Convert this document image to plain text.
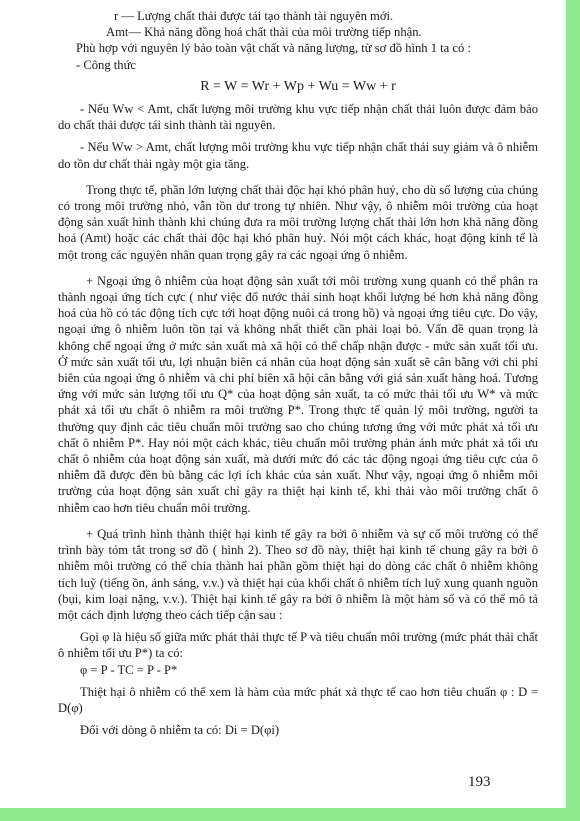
r — Lượng chất thải được tái tạo thành tài nguyên mới.

Amt— Khả năng đồng hoá chất thải của môi trường tiếp nhận.

Phù hợp với nguyên lý bảo toàn vật chất và năng lượng, từ sơ đồ hình 1 ta có :

- Công thức

R = W = Wr + Wp + Wu = Ww + r

- Nếu Ww < Amt, chất lượng môi trường khu vực tiếp nhận chất thải luôn được đảm bảo do chất thải được tái sinh thành tài nguyên.

- Nếu Ww > Amt, chất lượng môi trường khu vực tiếp nhận chất thải suy giảm và ô nhiễm do tồn dư chất thải ngày một gia tăng.

Trong thực tế, phần lớn lượng chất thải độc hại khó phân huỷ, cho dù số lượng của chúng có trong môi trường nhỏ, vẫn tồn dư trong tự nhiên. Như vậy, ô nhiễm môi trường của hoạt động sản xuất hình thành khi chúng đưa ra môi trường lượng chất thải lớn hơn khả năng đồng hoá (Amt) hoặc các chất thải độc hại khó phân huỷ. Nói một cách khác, hoạt động kinh tế là một trong các nguyên nhân quan trọng gây ra các ngoại ứng ô nhiễm.

+ Ngoại ứng ô nhiễm của hoạt động sản xuất tới môi trường xung quanh có thể phân ra thành ngoại ứng tích cực ( như việc đổ nước thải sinh hoạt khối lượng bé hơn khả năng đồng hoá của hồ có tác động tích cực tới hoạt động nuôi cá trong hồ) và ngoại ứng tiêu cực. Do vậy, ngoại ứng ô nhiễm luôn tồn tại và không nhất thiết cần phải loại bỏ. Vấn đề quan trọng là không chế ngoại ứng ở mức sản xuất mà xã hội có thể chấp nhận được - mức sản xuất tối ưu. Ở mức sản xuất tối ưu, lợi nhuận biên cá nhân của hoạt động sản xuất sẽ cân bằng với chi phí biên của ngoại ứng ô nhiễm và chi phí biên xã hội cân bằng với giá sản xuất hàng hoá. Tương ứng với mức sản lượng tối ưu Q* của hoạt động sản xuất, ta có mức thải tối ưu W* và mức phát xả tối ưu chất ô nhiễm ra môi trường P*. Trong thực tế quản lý môi trường, người ta thường quy định các tiêu chuẩn môi trường sao cho chúng tương ứng với mức phát xả tối ưu chất ô nhiễm P*. Hay nói một cách khác, tiêu chuẩn môi trường phản ánh mức phát xả tối ưu chất ô nhiễm của hoạt động sản xuất, mà dưới mức đó các tác động ngoại ứng tiêu cực của ô nhiễm đã được đền bù bằng các lợi ích khác của sản xuất. Như vậy, ngoại ứng ô nhiễm môi trường của hoạt động sản xuất chỉ gây ra thiệt hại kinh tế, khi thải vào môi trường chất ô nhiễm cao hơn tiêu chuẩn môi trường.

+ Quá trình hình thành thiệt hại kinh tế gây ra bởi ô nhiễm và sự cố môi trường có thể trình bày tóm tắt trong sơ đồ ( hình 2). Theo sơ đồ này, thiệt hại kinh tế chung gây ra bởi ô nhiễm môi trường có thể chia thành hai phần gồm thiệt hại do dòng các chất ô nhiễm không tích luỹ (tiếng ồn, ánh sáng, v.v.) và thiệt hại của khối chất ô nhiễm tích luỹ xung quanh nguồn (bụi, kim loại nặng, v.v.). Thiệt hại kinh tế gây ra bởi ô nhiễm là một hàm số và có thể mô tả một cách định lượng theo cách tiếp cận sau :

Gọi φ là hiệu số giữa mức phát thải thực tế P và tiêu chuẩn môi trường (mức phát thải chất ô nhiễm tối ưu P*) ta có:

φ = P - TC = P - P*

Thiệt hại ô nhiễm có thể xem là hàm của mức phát xả thực tế cao hơn tiêu chuẩn φ : D = D(φ)

Đối với dòng ô nhiễm ta có: Di = D(φi)

193
